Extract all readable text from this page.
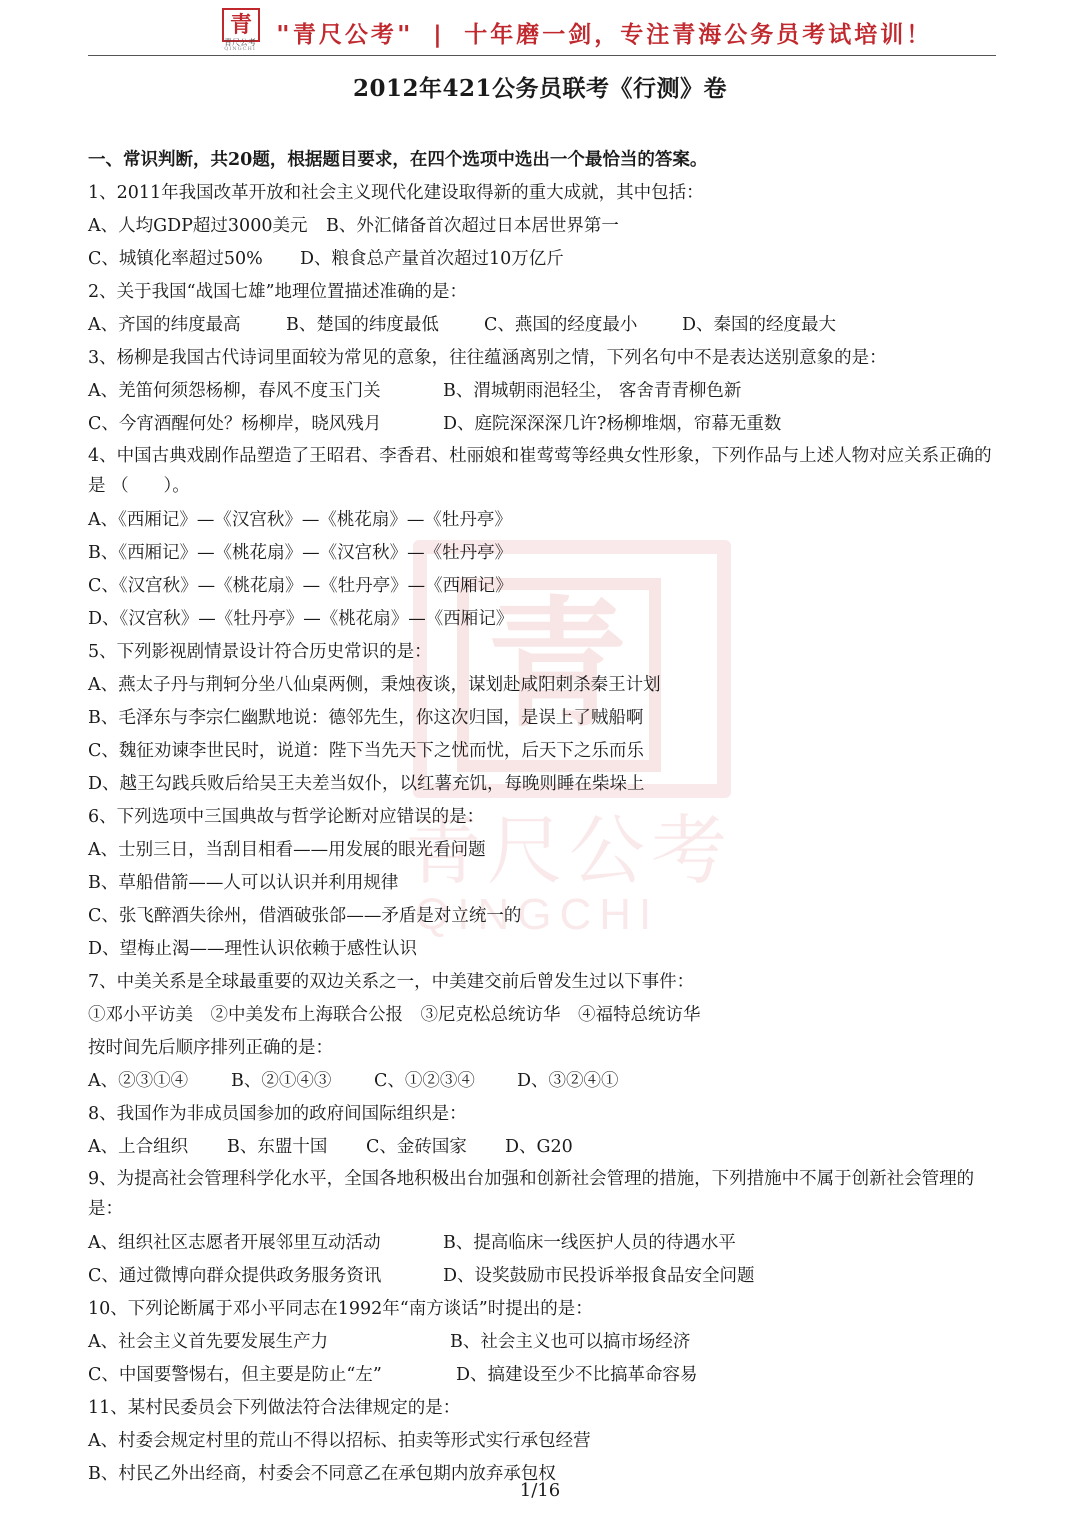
青
青尺公考
QINGCHI
"青尺公考" | 十年磨一剑，专注青海公务员考试培训！
青
青尺公考
QINGCHI
2012年421公务员联考《行测》卷
一、常识判断，共20题，根据题目要求，在四个选项中选出一个最恰当的答案。
1、2011年我国改革开放和社会主义现代化建设取得新的重大成就，其中包括：
A、人均GDP超过3000美元	B、外汇储备首次超过日本居世界第一
C、城镇化率超过50%	D、粮食总产量首次超过10万亿斤
2、关于我国“战国七雄”地理位置描述准确的是：
A、齐国的纬度最高	B、楚国的纬度最低	C、燕国的经度最小	D、秦国的经度最大
3、杨柳是我国古代诗词里面较为常见的意象，往往蕴涵离别之情，下列名句中不是表达送别意象的是：
A、羌笛何须怨杨柳，春风不度玉门关	B、渭城朝雨浥轻尘， 客舍青青柳色新
C、今宵酒醒何处？杨柳岸，晓风残月	D、庭院深深深几许?杨柳堆烟，帘幕无重数
4、中国古典戏剧作品塑造了王昭君、李香君、杜丽娘和崔莺莺等经典女性形象，下列作品与上述人物对应关系正确的是 （　　）。
A、《西厢记》—《汉宫秋》—《桃花扇》—《牡丹亭》
B、《西厢记》—《桃花扇》—《汉宫秋》—《牡丹亭》
C、《汉宫秋》—《桃花扇》—《牡丹亭》—《西厢记》
D、《汉宫秋》—《牡丹亭》—《桃花扇》—《西厢记》
5、下列影视剧情景设计符合历史常识的是：
A、燕太子丹与荆轲分坐八仙桌两侧，秉烛夜谈，谋划赴咸阳刺杀秦王计划
B、毛泽东与李宗仁幽默地说：德邻先生，你这次归国，是误上了贼船啊
C、魏征劝谏李世民时，说道：陛下当先天下之忧而忧，后天下之乐而乐
D、越王勾践兵败后给吴王夫差当奴仆，以红薯充饥，每晚则睡在柴垛上
6、下列选项中三国典故与哲学论断对应错误的是：
A、士别三日，当刮目相看——用发展的眼光看问题
B、草船借箭——人可以认识并利用规律
C、张飞醉酒失徐州，借酒破张郃——矛盾是对立统一的
D、望梅止渴——理性认识依赖于感性认识
7、中美关系是全球最重要的双边关系之一，中美建交前后曾发生过以下事件：
①邓小平访美　②中美发布上海联合公报　③尼克松总统访华　④福特总统访华
按时间先后顺序排列正确的是：
A、②③①④	B、②①④③	C、①②③④	D、③②④①
8、我国作为非成员国参加的政府间国际组织是：
A、上合组织	B、东盟十国	C、金砖国家	D、G20
9、为提高社会管理科学化水平，全国各地积极出台加强和创新社会管理的措施，下列措施中不属于创新社会管理的是：
A、组织社区志愿者开展邻里互动活动	B、提高临床一线医护人员的待遇水平
C、通过微博向群众提供政务服务资讯	D、设奖鼓励市民投诉举报食品安全问题
10、下列论断属于邓小平同志在1992年“南方谈话”时提出的是：
A、社会主义首先要发展生产力	B、社会主义也可以搞市场经济
C、中国要警惕右，但主要是防止“左”	D、搞建设至少不比搞革命容易
11、某村民委员会下列做法符合法律规定的是：
A、村委会规定村里的荒山不得以招标、拍卖等形式实行承包经营
B、村民乙外出经商，村委会不同意乙在承包期内放弃承包权
1/16
